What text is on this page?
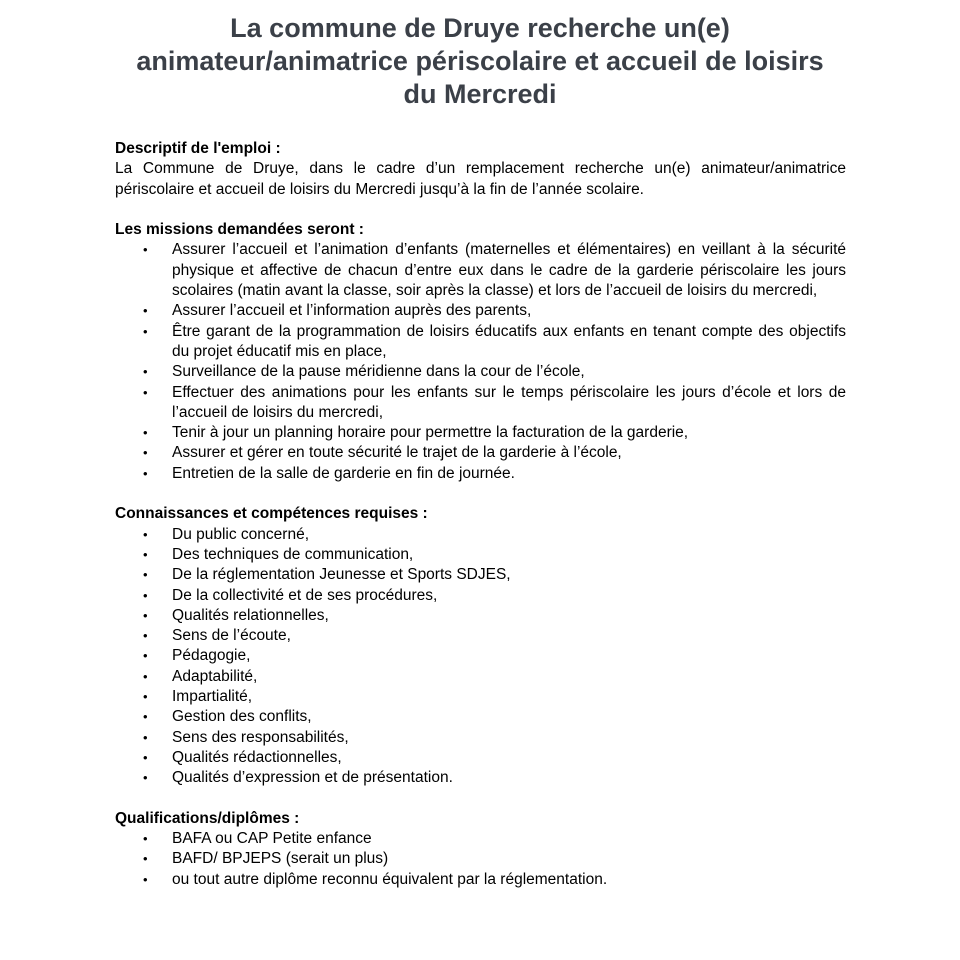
La commune de Druye recherche un(e) animateur/animatrice périscolaire et accueil de loisirs du Mercredi

Descriptif de l'emploi :

La Commune de Druye, dans le cadre d’un remplacement recherche un(e) animateur/animatrice périscolaire et accueil de loisirs du Mercredi jusqu’à la fin de l’année scolaire.

Les missions demandées seront :

• Assurer l’accueil et l’animation d’enfants (maternelles et élémentaires) en veillant à la sécurité physique et affective de chacun d’entre eux dans le cadre de la garderie périscolaire les jours scolaires (matin avant la classe, soir après la classe) et lors de l’accueil de loisirs du mercredi,
• Assurer l’accueil et l’information auprès des parents,
• Être garant de la programmation de loisirs éducatifs aux enfants en tenant compte des objectifs du projet éducatif mis en place,
• Surveillance de la pause méridienne dans la cour de l’école,
• Effectuer des animations pour les enfants sur le temps périscolaire les jours d’école et lors de l’accueil de loisirs du mercredi,
• Tenir à jour un planning horaire pour permettre la facturation de la garderie,
• Assurer et gérer en toute sécurité le trajet de la garderie à l’école,
• Entretien de la salle de garderie en fin de journée.

Connaissances et compétences requises :

• Du public concerné,
• Des techniques de communication,
• De la réglementation Jeunesse et Sports SDJES,
• De la collectivité et de ses procédures,
• Qualités relationnelles,
• Sens de l’écoute,
• Pédagogie,
• Adaptabilité,
• Impartialité,
• Gestion des conflits,
• Sens des responsabilités,
• Qualités rédactionnelles,
• Qualités d’expression et de présentation.

Qualifications/diplômes :

• BAFA ou CAP Petite enfance
• BAFD/ BPJEPS (serait un plus)
• ou tout autre diplôme reconnu équivalent par la réglementation.
